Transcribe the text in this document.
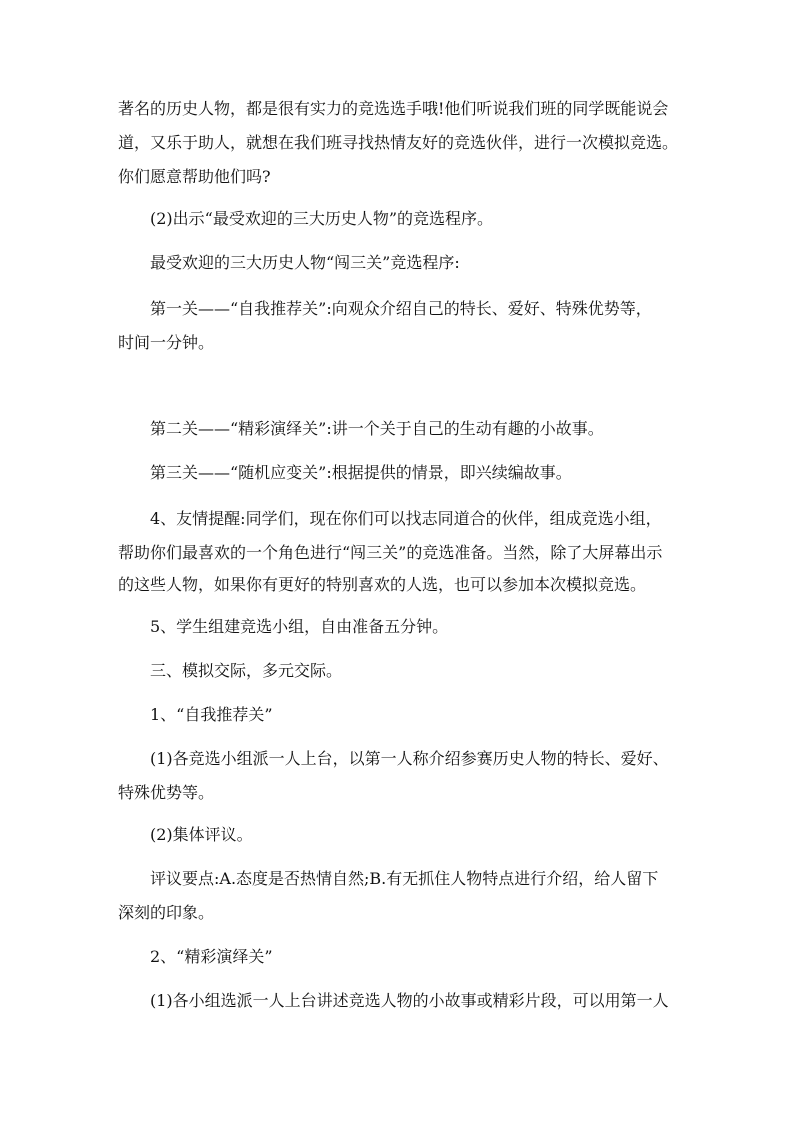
著名的历史人物，都是很有实力的竞选选手哦!他们听说我们班的同学既能说会

道，又乐于助人，就想在我们班寻找热情友好的竞选伙伴，进行一次模拟竞选。

你们愿意帮助他们吗?

(2)出示“最受欢迎的三大历史人物”的竞选程序。

最受欢迎的三大历史人物“闯三关”竞选程序:

第一关——“自我推荐关”:向观众介绍自己的特长、爱好、特殊优势等，

时间一分钟。

第二关——“精彩演绎关”:讲一个关于自己的生动有趣的小故事。

第三关——“随机应变关”:根据提供的情景，即兴续编故事。

4、友情提醒:同学们，现在你们可以找志同道合的伙伴，组成竞选小组，

帮助你们最喜欢的一个角色进行“闯三关”的竞选准备。当然，除了大屏幕出示

的这些人物，如果你有更好的特别喜欢的人选，也可以参加本次模拟竞选。

5、学生组建竞选小组，自由准备五分钟。

三、模拟交际，多元交际。

1、“自我推荐关”

(1)各竞选小组派一人上台，以第一人称介绍参赛历史人物的特长、爱好、

特殊优势等。

(2)集体评议。

评议要点:A.态度是否热情自然;B.有无抓住人物特点进行介绍，给人留下

深刻的印象。

2、“精彩演绎关”

(1)各小组选派一人上台讲述竞选人物的小故事或精彩片段，可以用第一人
